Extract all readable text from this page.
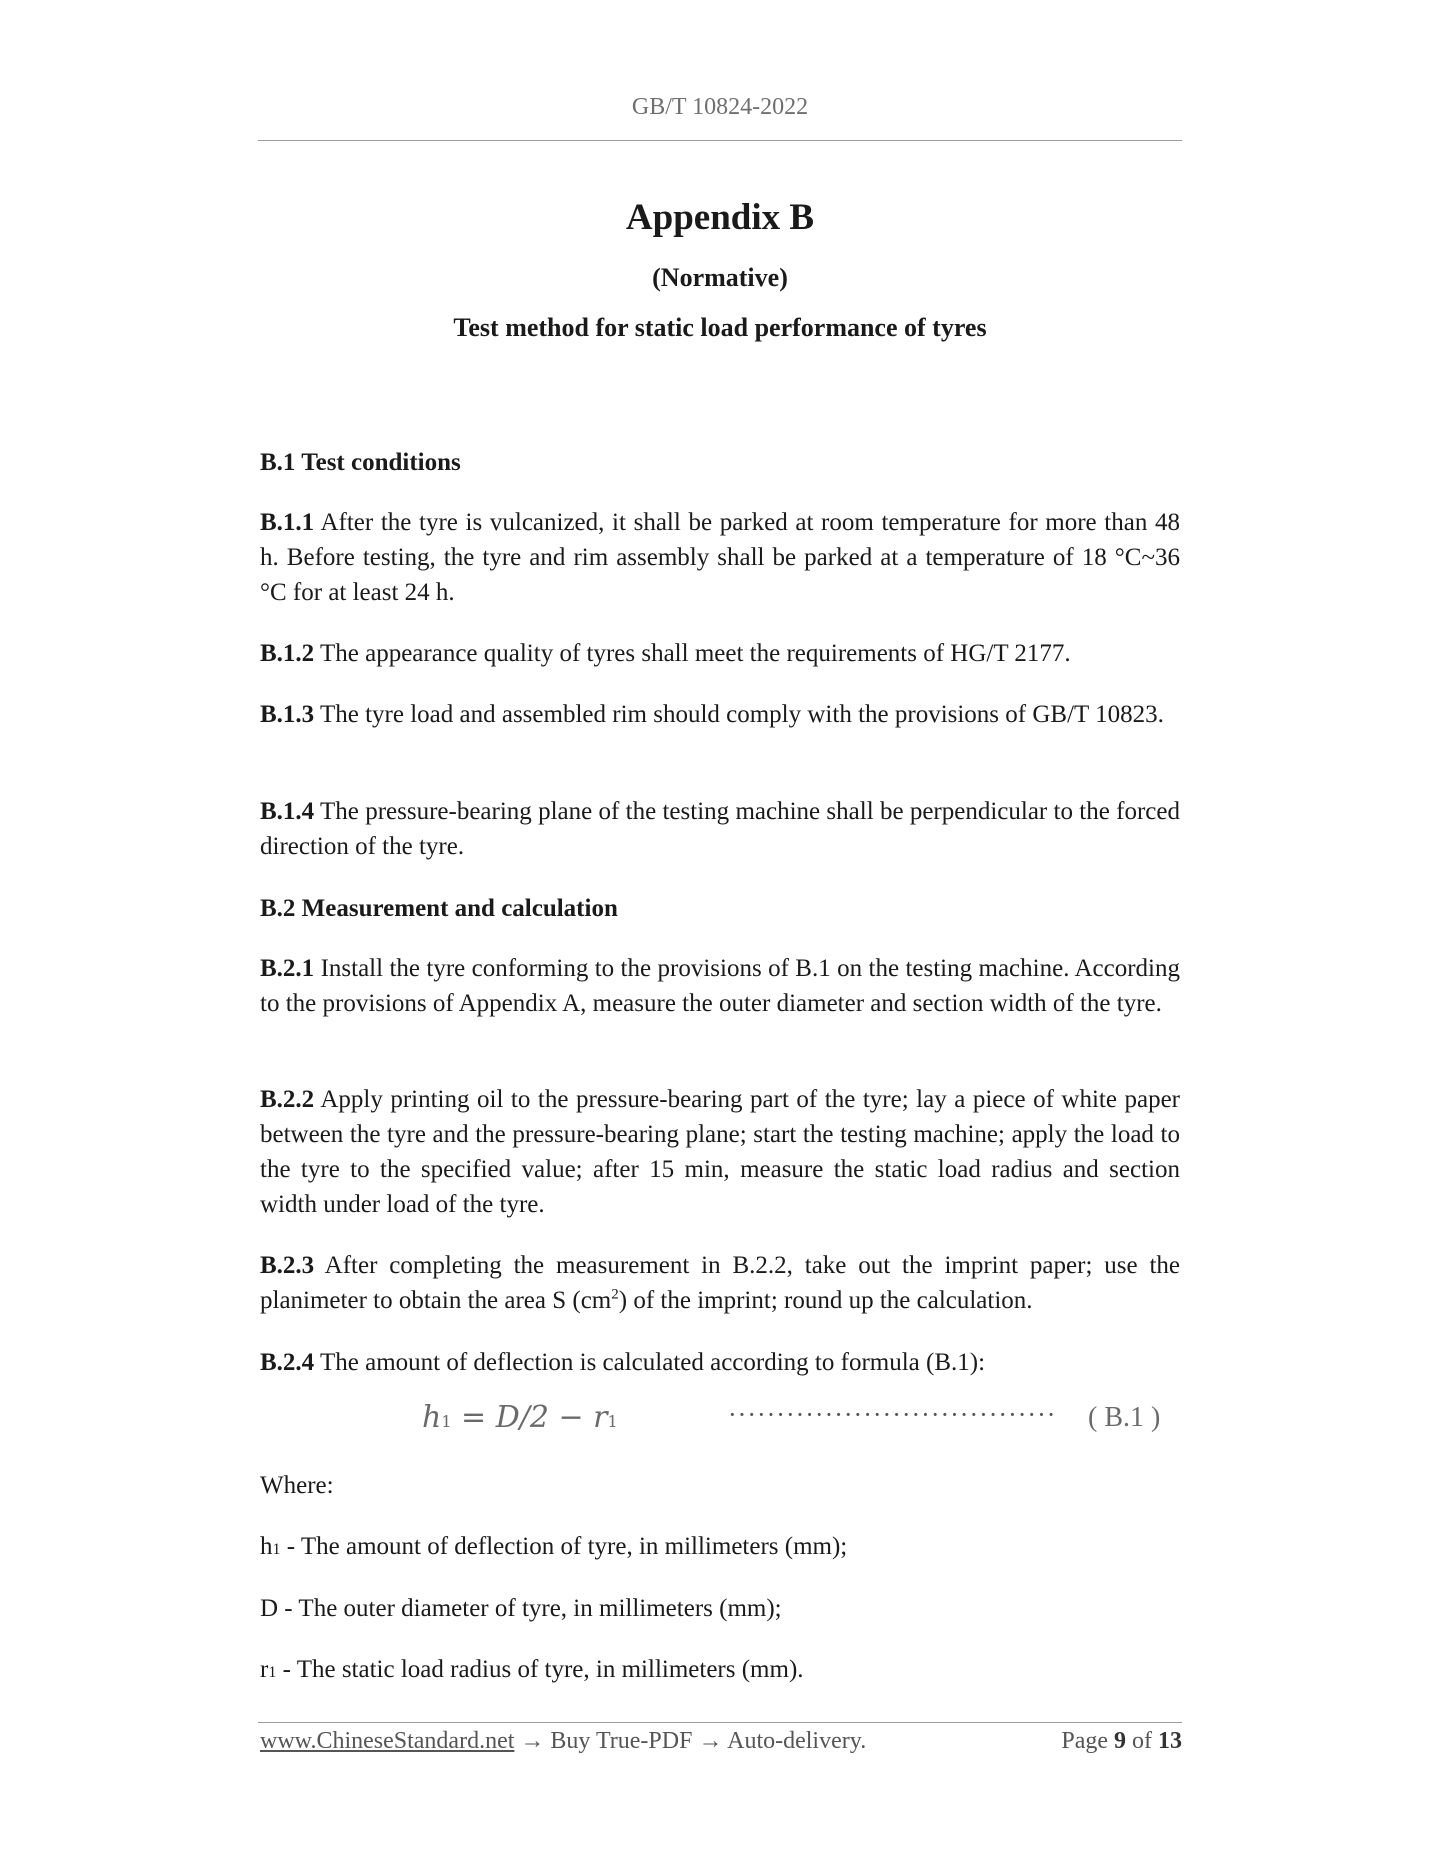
GB/T 10824-2022
Appendix B
(Normative)
Test method for static load performance of tyres
B.1 Test conditions
B.1.1 After the tyre is vulcanized, it shall be parked at room temperature for more than 48 h. Before testing, the tyre and rim assembly shall be parked at a temperature of 18 °C~36 °C for at least 24 h.
B.1.2 The appearance quality of tyres shall meet the requirements of HG/T 2177.
B.1.3 The tyre load and assembled rim should comply with the provisions of GB/T 10823.
B.1.4 The pressure-bearing plane of the testing machine shall be perpendicular to the forced direction of the tyre.
B.2 Measurement and calculation
B.2.1 Install the tyre conforming to the provisions of B.1 on the testing machine. According to the provisions of Appendix A, measure the outer diameter and section width of the tyre.
B.2.2 Apply printing oil to the pressure-bearing part of the tyre; lay a piece of white paper between the tyre and the pressure-bearing plane; start the testing machine; apply the load to the tyre to the specified value; after 15 min, measure the static load radius and section width under load of the tyre.
B.2.3 After completing the measurement in B.2.2, take out the imprint paper; use the planimeter to obtain the area S $(cm^2)$ of the imprint; round up the calculation.
B.2.4 The amount of deflection is calculated according to formula (B.1):
h1 = D/2 − r1	·································· ( B.1 )
Where:
h1 - The amount of deflection of tyre, in millimeters (mm);
D - The outer diameter of tyre, in millimeters (mm);
r1 - The static load radius of tyre, in millimeters (mm).
www.ChineseStandard.net → Buy True-PDF → Auto-delivery.	Page 9 of 13
